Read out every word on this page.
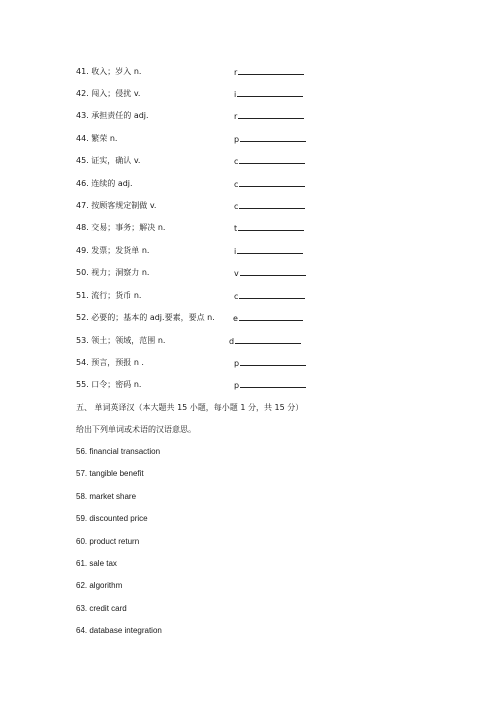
41. 收入；岁入 n.	r
42. 闯入；侵扰 v.	i
43. 承担责任的 adj.	r
44. 繁荣 n.	p
45. 证实，确认 v.	c
46. 连续的 adj.	c
47. 按顾客规定制做 v.	c
48. 交易；事务；解决 n.	t
49. 发票；发货单 n.	i
50. 视力；洞察力 n.	v
51. 流行；货币 n.	c
52. 必要的；基本的 adj.要素，要点 n. e
53. 领土；领域，范围 n.	d
54. 预言，预报 n .	p
55. 口令；密码 n.	p
五、 单词英译汉（本大题共 15 小题，每小题 1 分，共 15 分）
给出下列单词或术语的汉语意思。
56. financial transaction
57. tangible benefit
58. market share
59. discounted price
60. product return
61. sale tax
62. algorithm
63. credit card
64. database integration
